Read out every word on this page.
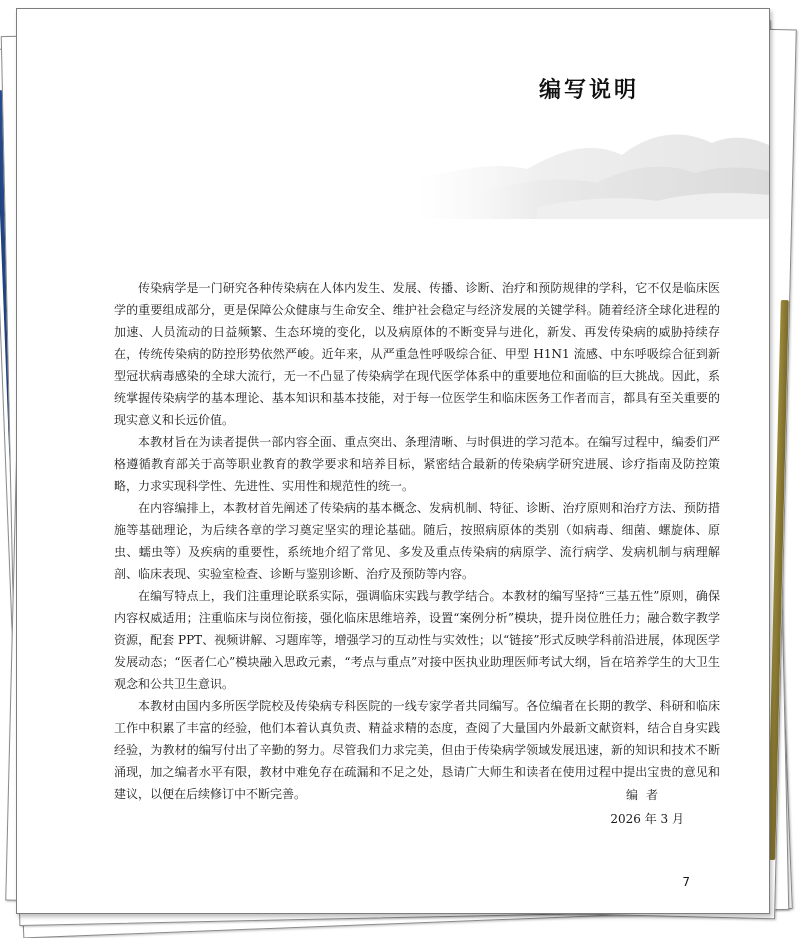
编写说明

传染病学是一门研究各种传染病在人体内发生、发展、传播、诊断、治疗和预防规律的学科，它不仅是临床医学的重要组成部分，更是保障公众健康与生命安全、维护社会稳定与经济发展的关键学科。随着经济全球化进程的加速、人员流动的日益频繁、生态环境的变化，以及病原体的不断变异与进化，新发、再发传染病的威胁持续存在，传统传染病的防控形势依然严峻。近年来，从严重急性呼吸综合征、甲型 H1N1 流感、中东呼吸综合征到新型冠状病毒感染的全球大流行，无一不凸显了传染病学在现代医学体系中的重要地位和面临的巨大挑战。因此，系统掌握传染病学的基本理论、基本知识和基本技能，对于每一位医学生和临床医务工作者而言，都具有至关重要的现实意义和长远价值。

本教材旨在为读者提供一部内容全面、重点突出、条理清晰、与时俱进的学习范本。在编写过程中，编委们严格遵循教育部关于高等职业教育的教学要求和培养目标，紧密结合最新的传染病学研究进展、诊疗指南及防控策略，力求实现科学性、先进性、实用性和规范性的统一。

在内容编排上，本教材首先阐述了传染病的基本概念、发病机制、特征、诊断、治疗原则和治疗方法、预防措施等基础理论，为后续各章的学习奠定坚实的理论基础。随后，按照病原体的类别（如病毒、细菌、螺旋体、原虫、蠕虫等）及疾病的重要性，系统地介绍了常见、多发及重点传染病的病原学、流行病学、发病机制与病理解剖、临床表现、实验室检查、诊断与鉴别诊断、治疗及预防等内容。

在编写特点上，我们注重理论联系实际，强调临床实践与教学结合。本教材的编写坚持“三基五性”原则，确保内容权威适用；注重临床与岗位衔接，强化临床思维培养，设置“案例分析”模块，提升岗位胜任力；融合数字教学资源，配套 PPT、视频讲解、习题库等，增强学习的互动性与实效性；以“链接”形式反映学科前沿进展，体现医学发展动态；“医者仁心”模块融入思政元素，“考点与重点”对接中医执业助理医师考试大纲，旨在培养学生的大卫生观念和公共卫生意识。

本教材由国内多所医学院校及传染病专科医院的一线专家学者共同编写。各位编者在长期的教学、科研和临床工作中积累了丰富的经验，他们本着认真负责、精益求精的态度，查阅了大量国内外最新文献资料，结合自身实践经验，为教材的编写付出了辛勤的努力。尽管我们力求完美，但由于传染病学领域发展迅速，新的知识和技术不断涌现，加之编者水平有限，教材中难免存在疏漏和不足之处，恳请广大师生和读者在使用过程中提出宝贵的意见和建议，以便在后续修订中不断完善。	编者
2026 年 3 月
7
